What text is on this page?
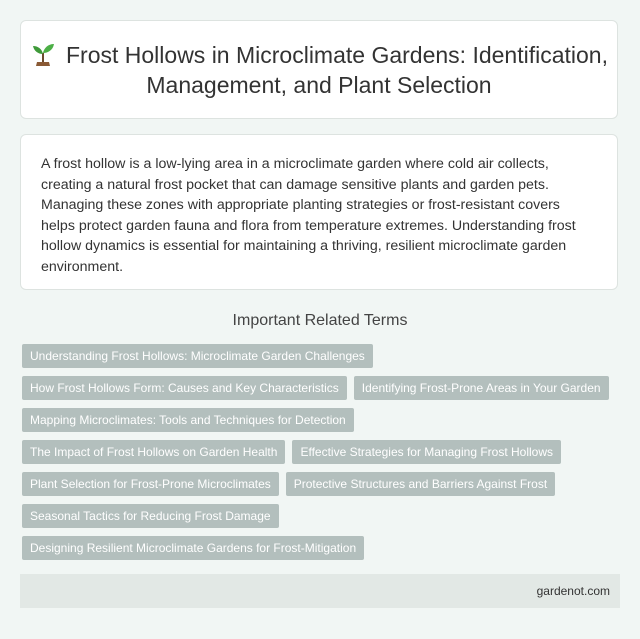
Frost Hollows in Microclimate Gardens: Identification, Management, and Plant Selection

A frost hollow is a low-lying area in a microclimate garden where cold air collects, creating a natural frost pocket that can damage sensitive plants and garden pets. Managing these zones with appropriate planting strategies or frost-resistant covers helps protect garden fauna and flora from temperature extremes. Understanding frost hollow dynamics is essential for maintaining a thriving, resilient microclimate garden environment.

Important Related Terms
Understanding Frost Hollows: Microclimate Garden Challenges
How Frost Hollows Form: Causes and Key Characteristics	Identifying Frost-Prone Areas in Your Garden
Mapping Microclimates: Tools and Techniques for Detection
The Impact of Frost Hollows on Garden Health	Effective Strategies for Managing Frost Hollows
Plant Selection for Frost-Prone Microclimates	Protective Structures and Barriers Against Frost
Seasonal Tactics for Reducing Frost Damage
Designing Resilient Microclimate Gardens for Frost-Mitigation
gardenot.com
